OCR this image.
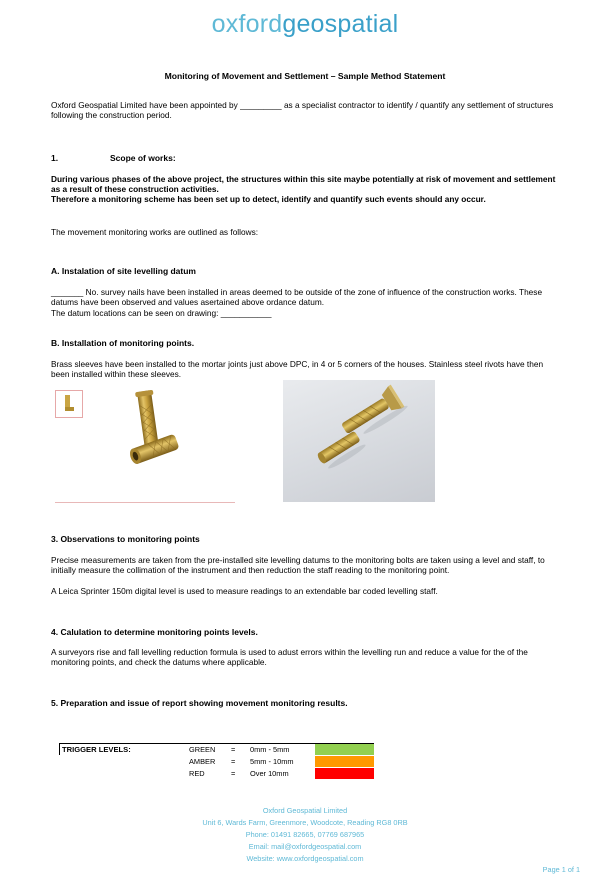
oxfordgeospatial
Monitoring of Movement and Settlement – Sample Method Statement
Oxford Geospatial Limited have been appointed by _________ as a specialist contractor to identify / quantify any settlement of structures following the construction period.
1.	Scope of works:
During various phases of the above project, the structures within this site maybe potentially at risk of movement and settlement as a result of these construction activities.
Therefore a monitoring scheme has been set up to detect, identify and quantify such events should any occur.
The movement monitoring works are outlined as follows:
A. Instalation of site levelling datum
_______ No. survey nails have been installed in areas deemed to be outside of the zone of influence of the construction works. These datums have been observed and values asertained above ordance datum.
The datum locations can be seen on drawing: ___________
B. Installation of monitoring points.
Brass sleeves have been installed to the mortar joints just above DPC, in 4 or 5 corners of the houses. Stainless steel rivots have then been installed within these sleeves.
3. Observations to monitoring points
Precise measurements are taken from the pre-installed site levelling datums to the monitoring bolts are taken using a level and staff, to initially measure the collimation of the instrument and then reduction the staff reading to the monitoring point.
A Leica Sprinter 150m digital level is used to measure readings to an extendable bar coded levelling staff.
4. Calulation to determine monitoring points levels.
A surveyors rise and fall levelling reduction formula is used to adust errors within the levelling run and reduce a value for the of the monitoring points, and check the datums where applicable.
5. Preparation and issue of report showing movement monitoring results.
TRIGGER LEVELS:	GREEN = 0mm - 5mm
AMBER = 5mm - 10mm
RED	= Over 10mm
Oxford Geospatial Limited
Unit 6, Wards Farm, Greenmore, Woodcote, Reading RG8 0RB
Phone: 01491 82665, 07769 687965
Email: mail@oxfordgeospatial.com
Website: www.oxfordgeospatial.com
Page 1 of 1
